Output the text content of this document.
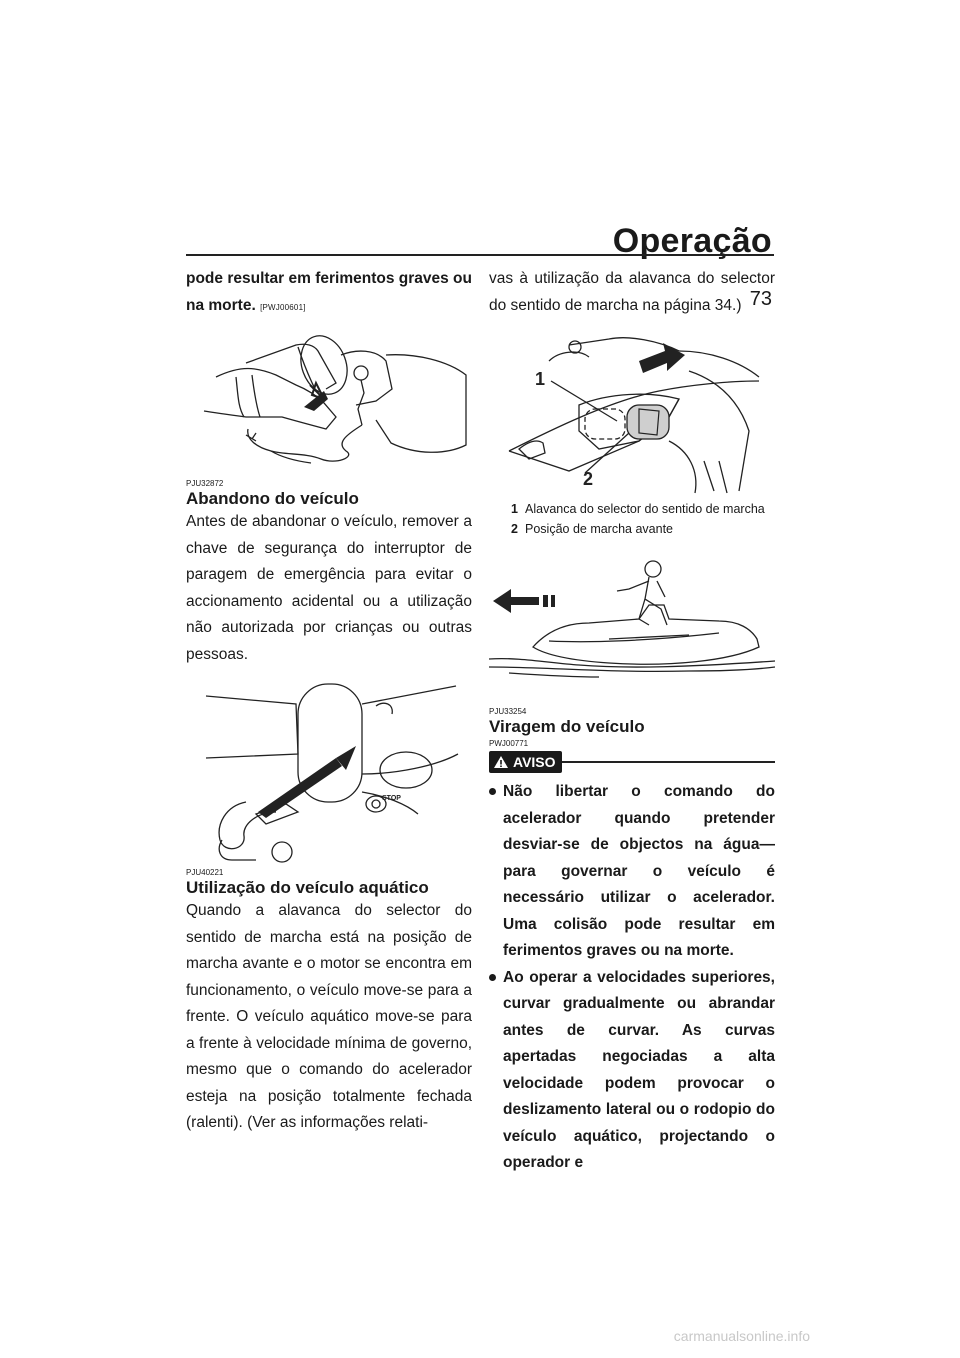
Operação
73

pode resultar em ferimentos graves ou na morte. [PWJ00601]

PJU32872

Abandono do veículo

Antes de abandonar o veículo, remover a chave de segurança do interruptor de paragem de emergência para evitar o accionamento acidental ou a utilização não autorizada por crianças ou outras pessoas.

STOP

PJU40221

Utilização do veículo aquático

Quando a alavanca do selector do sentido de marcha está na posição de marcha avante e o motor se encontra em funcionamento, o veículo move-se para a frente. O veículo aquático move-se para a frente à velocidade mínima de governo, mesmo que o comando do acelerador esteja na posição totalmente fechada (ralenti). (Ver as informações relati-

vas à utilização da alavanca do selector do sentido de marcha na página 34.)

1
2
1 Alavanca do selector do sentido de marcha
2 Posição de marcha avante

PJU33254

Viragem do veículo

PWJ00771

AVISO
Não libertar o comando do acelerador quando pretender desviar-se de objectos na água—para governar o veículo é necessário utilizar o acelerador. Uma colisão pode resultar em ferimentos graves ou na morte.
Ao operar a velocidades superiores, curvar gradualmente ou abrandar antes de curvar. As curvas apertadas negociadas a alta velocidade podem provocar o deslizamento lateral ou o rodopio do veículo aquático, projectando o operador e
carmanualsonline.info
